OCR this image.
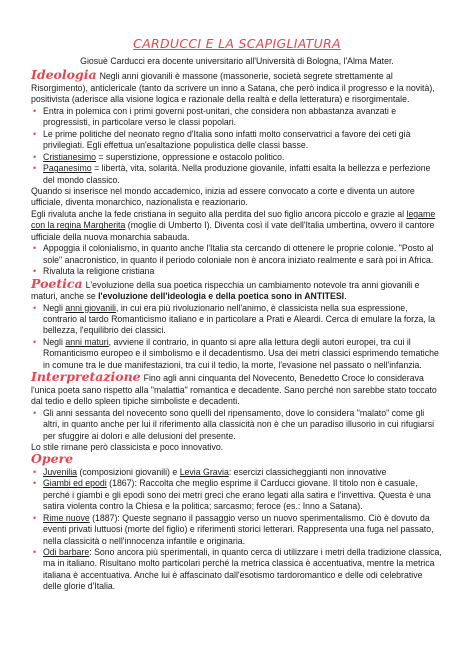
CARDUCCI E LA SCAPIGLIATURA

Giosuè Carducci era docente universitario all'Università di Bologna, l'Alma Mater.

Ideologia Negli anni giovanili è massone (massonerie, società segrete strettamente al Risorgimento), anticlericale (tanto da scrivere un inno a Satana, che però indica il progresso e la novità), positivista (aderisce alla visione logica e razionale della realtà e della letteratura) e risorgimentale.

• Entra in polemica con i primi governi post-unitari, che considera non abbastanza avanzati e progressisti, in particolare verso le classi popolari.
• Le prime politiche del neonato regno d'Italia sono infatti molto conservatrici a favore dei ceti già privilegiati. Egli effettua un'esaltazione populistica delle classi basse.
• Cristianesimo = superstizione, oppressione e ostacolo politico.
• Paganesimo = libertà, vita, solarità. Nella produzione giovanile, infatti esalta la bellezza e perfezione del mondo classico.

Quando si inserisce nel mondo accademico, inizia ad essere convocato a corte e diventa un autore ufficiale, diventa monarchico, nazionalista e reazionario.

Egli rivaluta anche la fede cristiana in seguito alla perdita del suo figlio ancora piccolo e grazie al legame con la regina Margherita (moglie di Umberto I). Diventa così il vate dell'Italia umbertina, ovvero il cantore ufficiale della nuova monarchia sabauda.

• Appoggia il colonialismo, in quanto anche l'Italia sta cercando di ottenere le proprie colonie. "Posto al sole" anacronistico, in quanto il periodo coloniale non è ancora iniziato realmente e sarà poi in Africa.
• Rivaluta la religione cristiana

Poetica L'evoluzione della sua poetica rispecchia un cambiamento notevole tra anni giovanili e maturi, anche se l'evoluzione dell'ideologia e della poetica sono in ANTITESI.

• Negli anni giovanili, in cui era più rivoluzionario nell'animo, è classicista nella sua espressione, contrario al tardo Romanticismo italiano e in particolare a Prati e Aleardi. Cerca di emulare la forza, la bellezza, l'equilibrio dei classici.
• Negli anni maturi, avviene il contrario, in quanto si apre alla lettura degli autori europei, tra cui il Romanticismo europeo e il simbolismo e il decadentismo. Usa dei metri classici esprimendo tematiche in comune tra le due manifestazioni, tra cui il tedio, la morte, l'evasione nel passato o nell'infanzia.

Interpretazione Fino agli anni cinquanta del Novecento, Benedetto Croce lo considerava l'unica poeta sano rispetto alla "malattia" romantica e decadente. Sano perché non sarebbe stato toccato dal tedio e dello spleen tipiche simboliste e decadenti.

• Gli anni sessanta del novecento sono quelli del ripensamento, dove lo considera "malato" come gli altri, in quanto anche per lui il riferimento alla classicità non è che un paradiso illusorio in cui rifugiarsi per sfuggire ai dolori e alle delusioni del presente.

Lo stile rimane però classicista e poco innovativo.

Opere

• Juvenilia (composizioni giovanili) e Levia Gravia: esercizi classicheggianti non innovative
• Giambi ed epodi (1867): Raccolta che meglio esprime il Carducci giovane. Il titolo non è casuale, perché i giambi e gli epodi sono dei metri greci che erano legati alla satira e l'invettiva. Questa è una satira violenta contro la Chiesa e la politica; sarcasmo; feroce (es.: Inno a Satana).
• Rime nuove (1887): Queste segnano il passaggio verso un nuovo sperimentalismo. Ciò è dovuto da eventi privati luttuosi (morte del figlio) e riferimenti storici letterari. Rappresenta una fuga nel passato, nella classicità o nell'innocenza infantile e originaria.
• Odi barbare: Sono ancora più sperimentali, in quanto cerca di utilizzare i metri della tradizione classica, ma in italiano. Risultano molto particolari perché la metrica classica è accentuativa, mentre la metrica italiana è accentuativa. Anche lui è affascinato dall'esotismo tardoromantico e delle odi celebrative delle glorie d'Italia.
